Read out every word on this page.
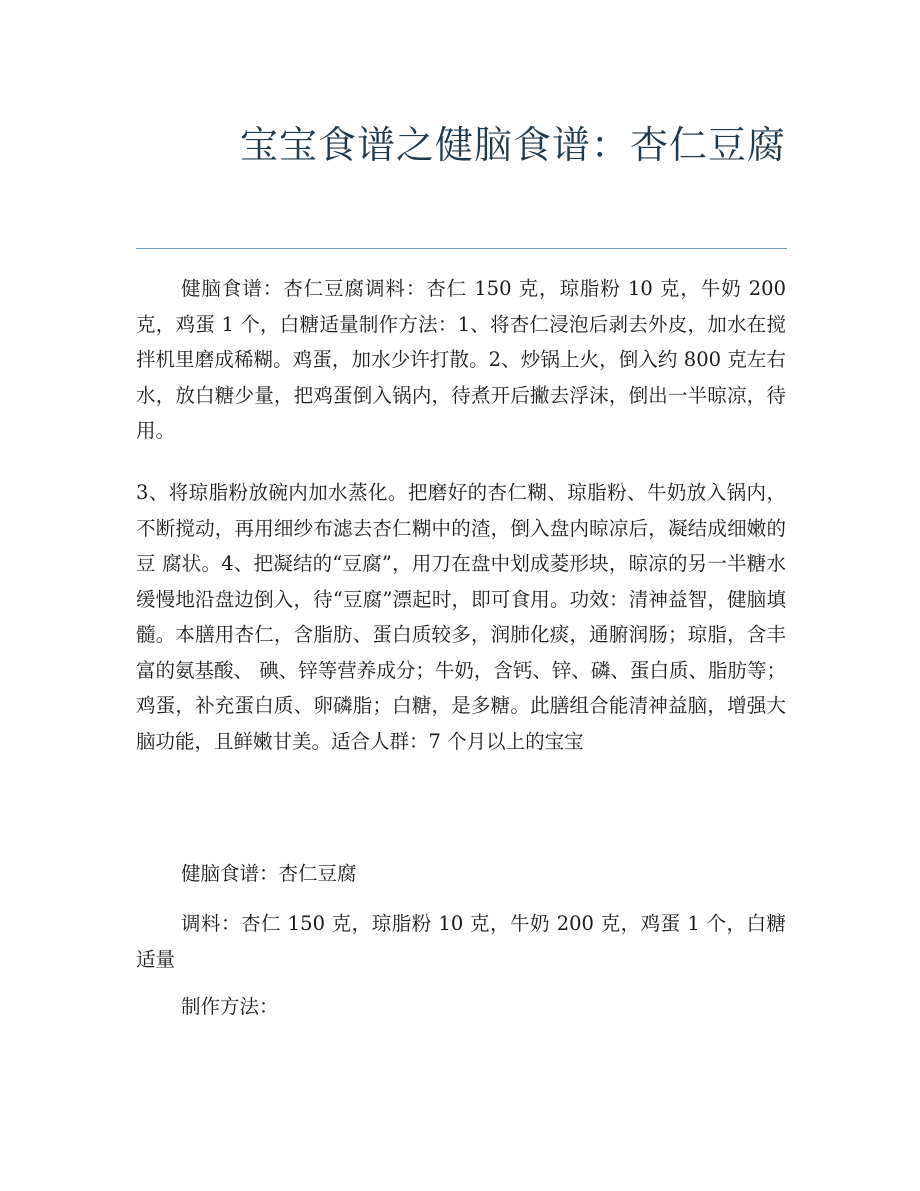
宝宝食谱之健脑食谱：杏仁豆腐

健脑食谱：杏仁豆腐调料：杏仁 150 克，琼脂粉 10 克，牛奶 200 克，鸡蛋 1 个，白糖适量制作方法：1、将杏仁浸泡后剥去外皮，加水在搅拌机里磨成稀糊。鸡蛋，加水少许打散。2、炒锅上火，倒入约 800 克左右水，放白糖少量，把鸡蛋倒入锅内，待煮开后撇去浮沫，倒出一半晾凉，待用。

3、将琼脂粉放碗内加水蒸化。把磨好的杏仁糊、琼脂粉、牛奶放入锅内，不断搅动，再用细纱布滤去杏仁糊中的渣，倒入盘内晾凉后，凝结成细嫩的豆 腐状。4、把凝结的“豆腐”，用刀在盘中划成菱形块，晾凉的另一半糖水缓慢地沿盘边倒入，待“豆腐”漂起时，即可食用。功效：清神益智，健脑填髓。本膳用杏仁，含脂肪、蛋白质较多，润肺化痰，通腑润肠；琼脂，含丰富的氨基酸、 碘、锌等营养成分；牛奶，含钙、锌、磷、蛋白质、脂肪等；鸡蛋，补充蛋白质、卵磷脂；白糖，是多糖。此膳组合能清神益脑，增强大脑功能，且鲜嫩甘美。适合人群：7 个月以上的宝宝

健脑食谱：杏仁豆腐

调料：杏仁 150 克，琼脂粉 10 克，牛奶 200 克，鸡蛋 1 个，白糖适量

制作方法：
